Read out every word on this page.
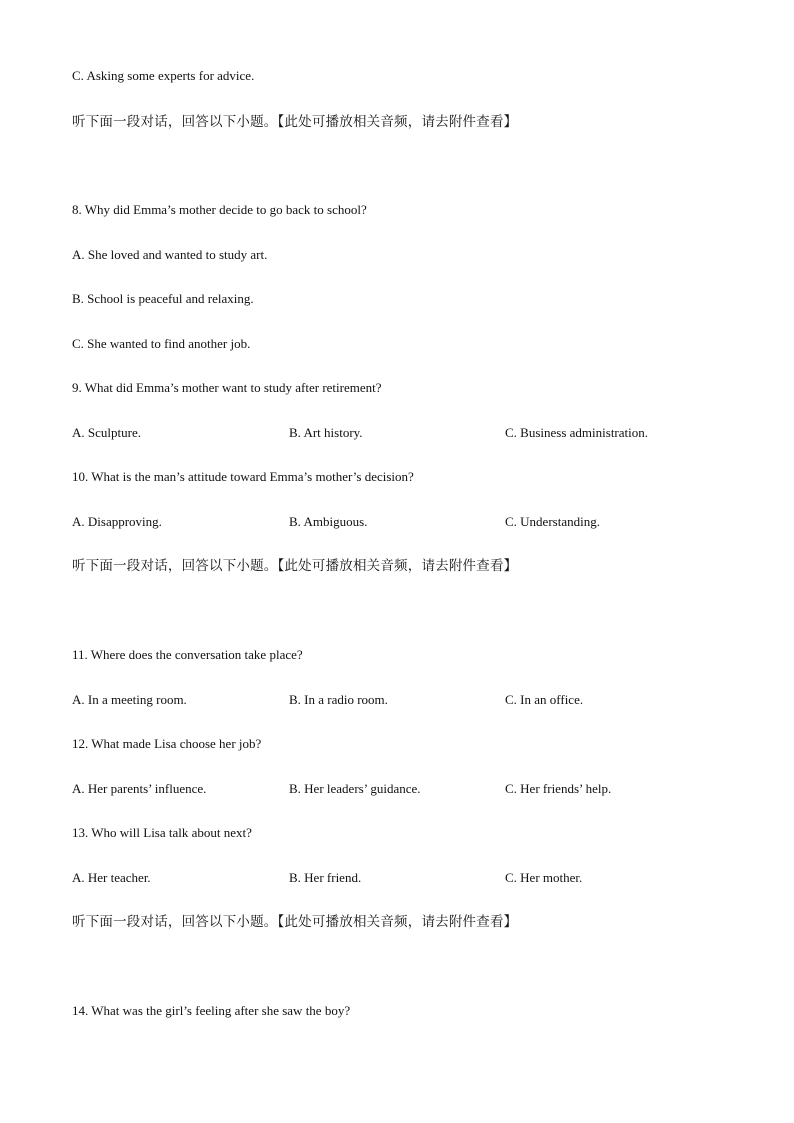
C. Asking some experts for advice.
听下面一段对话，回答以下小题。【此处可播放相关音频，请去附件查看】
8. Why did Emma’s mother decide to go back to school?
A. She loved and wanted to study art.
B. School is peaceful and relaxing.
C. She wanted to find another job.
9. What did Emma’s mother want to study after retirement?
A. Sculpture.	B. Art history.	C. Business administration.
10. What is the man’s attitude toward Emma’s mother’s decision?
A. Disapproving.	B. Ambiguous.	C. Understanding.
听下面一段对话，回答以下小题。【此处可播放相关音频，请去附件查看】
11. Where does the conversation take place?
A. In a meeting room.	B. In a radio room.	C. In an office.
12. What made Lisa choose her job?
A. Her parents’ influence.	B. Her leaders’ guidance.	C. Her friends’ help.
13. Who will Lisa talk about next?
A. Her teacher.	B. Her friend.	C. Her mother.
听下面一段对话，回答以下小题。【此处可播放相关音频，请去附件查看】
14. What was the girl’s feeling after she saw the boy?
